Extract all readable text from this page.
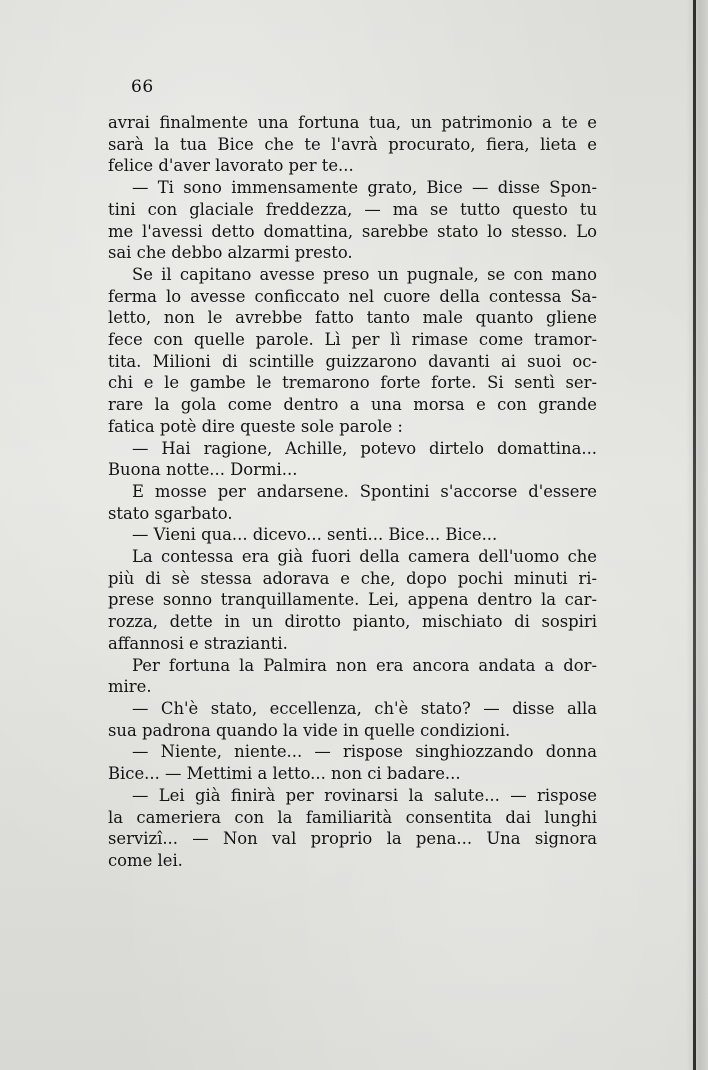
66
avrai finalmente una fortuna tua, un patrimonio a te e
sarà la tua Bice che te l'avrà procurato, fiera, lieta e
felice d'aver lavorato per te...
— Ti sono immensamente grato, Bice — disse Spon-
tini con glaciale freddezza, — ma se tutto questo tu
me l'avessi detto domattina, sarebbe stato lo stesso. Lo
sai che debbo alzarmi presto.
Se il capitano avesse preso un pugnale, se con mano
ferma lo avesse conficcato nel cuore della contessa Sa-
letto, non le avrebbe fatto tanto male quanto gliene
fece con quelle parole. Lì per lì rimase come tramor-
tita. Milioni di scintille guizzarono davanti ai suoi oc-
chi e le gambe le tremarono forte forte. Si sentì ser-
rare la gola come dentro a una morsa e con grande
fatica potè dire queste sole parole :
— Hai ragione, Achille, potevo dirtelo domattina...
Buona notte... Dormi...
E mosse per andarsene. Spontini s'accorse d'essere
stato sgarbato.
— Vieni qua... dicevo... senti... Bice... Bice...
La contessa era già fuori della camera dell'uomo che
più di sè stessa adorava e che, dopo pochi minuti ri-
prese sonno tranquillamente. Lei, appena dentro la car-
rozza, dette in un dirotto pianto, mischiato di sospiri
affannosi e strazianti.
Per fortuna la Palmira non era ancora andata a dor-
mire.
— Ch'è stato, eccellenza, ch'è stato? — disse alla
sua padrona quando la vide in quelle condizioni.
— Niente, niente... — rispose singhiozzando donna
Bice... — Mettimi a letto... non ci badare...
— Lei già finirà per rovinarsi la salute... — rispose
la cameriera con la familiarità consentita dai lunghi
servizî... — Non val proprio la pena... Una signora
come lei.
